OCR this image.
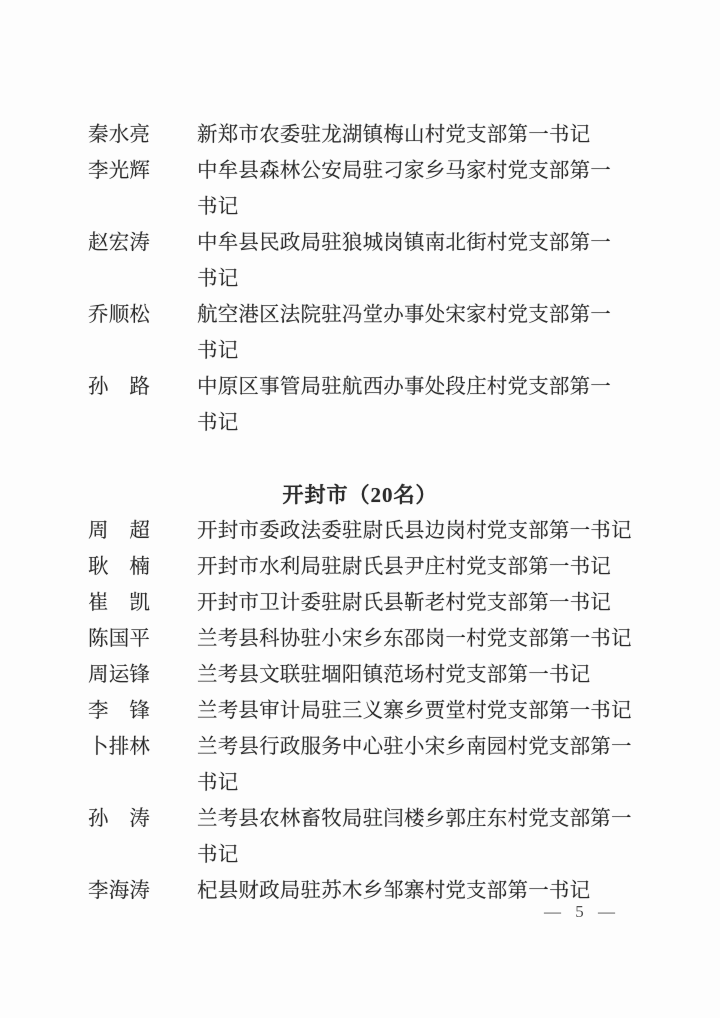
秦水亮 新郑市农委驻龙湖镇梅山村党支部第一书记
李光辉 中牟县森林公安局驻刁家乡马家村党支部第一
书记
赵宏涛 中牟县民政局驻狼城岗镇南北街村党支部第一
书记
乔顺松 航空港区法院驻冯堂办事处宋家村党支部第一
书记
孙　路 中原区事管局驻航西办事处段庄村党支部第一
书记
开封市（20名）
周　超 开封市委政法委驻尉氏县边岗村党支部第一书记
耿　楠 开封市水利局驻尉氏县尹庄村党支部第一书记
崔　凯 开封市卫计委驻尉氏县靳老村党支部第一书记
陈国平 兰考县科协驻小宋乡东邵岗一村党支部第一书记
周运锋 兰考县文联驻堌阳镇范场村党支部第一书记
李　锋 兰考县审计局驻三义寨乡贾堂村党支部第一书记
卜排林 兰考县行政服务中心驻小宋乡南园村党支部第一
书记
孙　涛 兰考县农林畜牧局驻闫楼乡郭庄东村党支部第一
书记
李海涛 杞县财政局驻苏木乡邹寨村党支部第一书记
— 5 —
